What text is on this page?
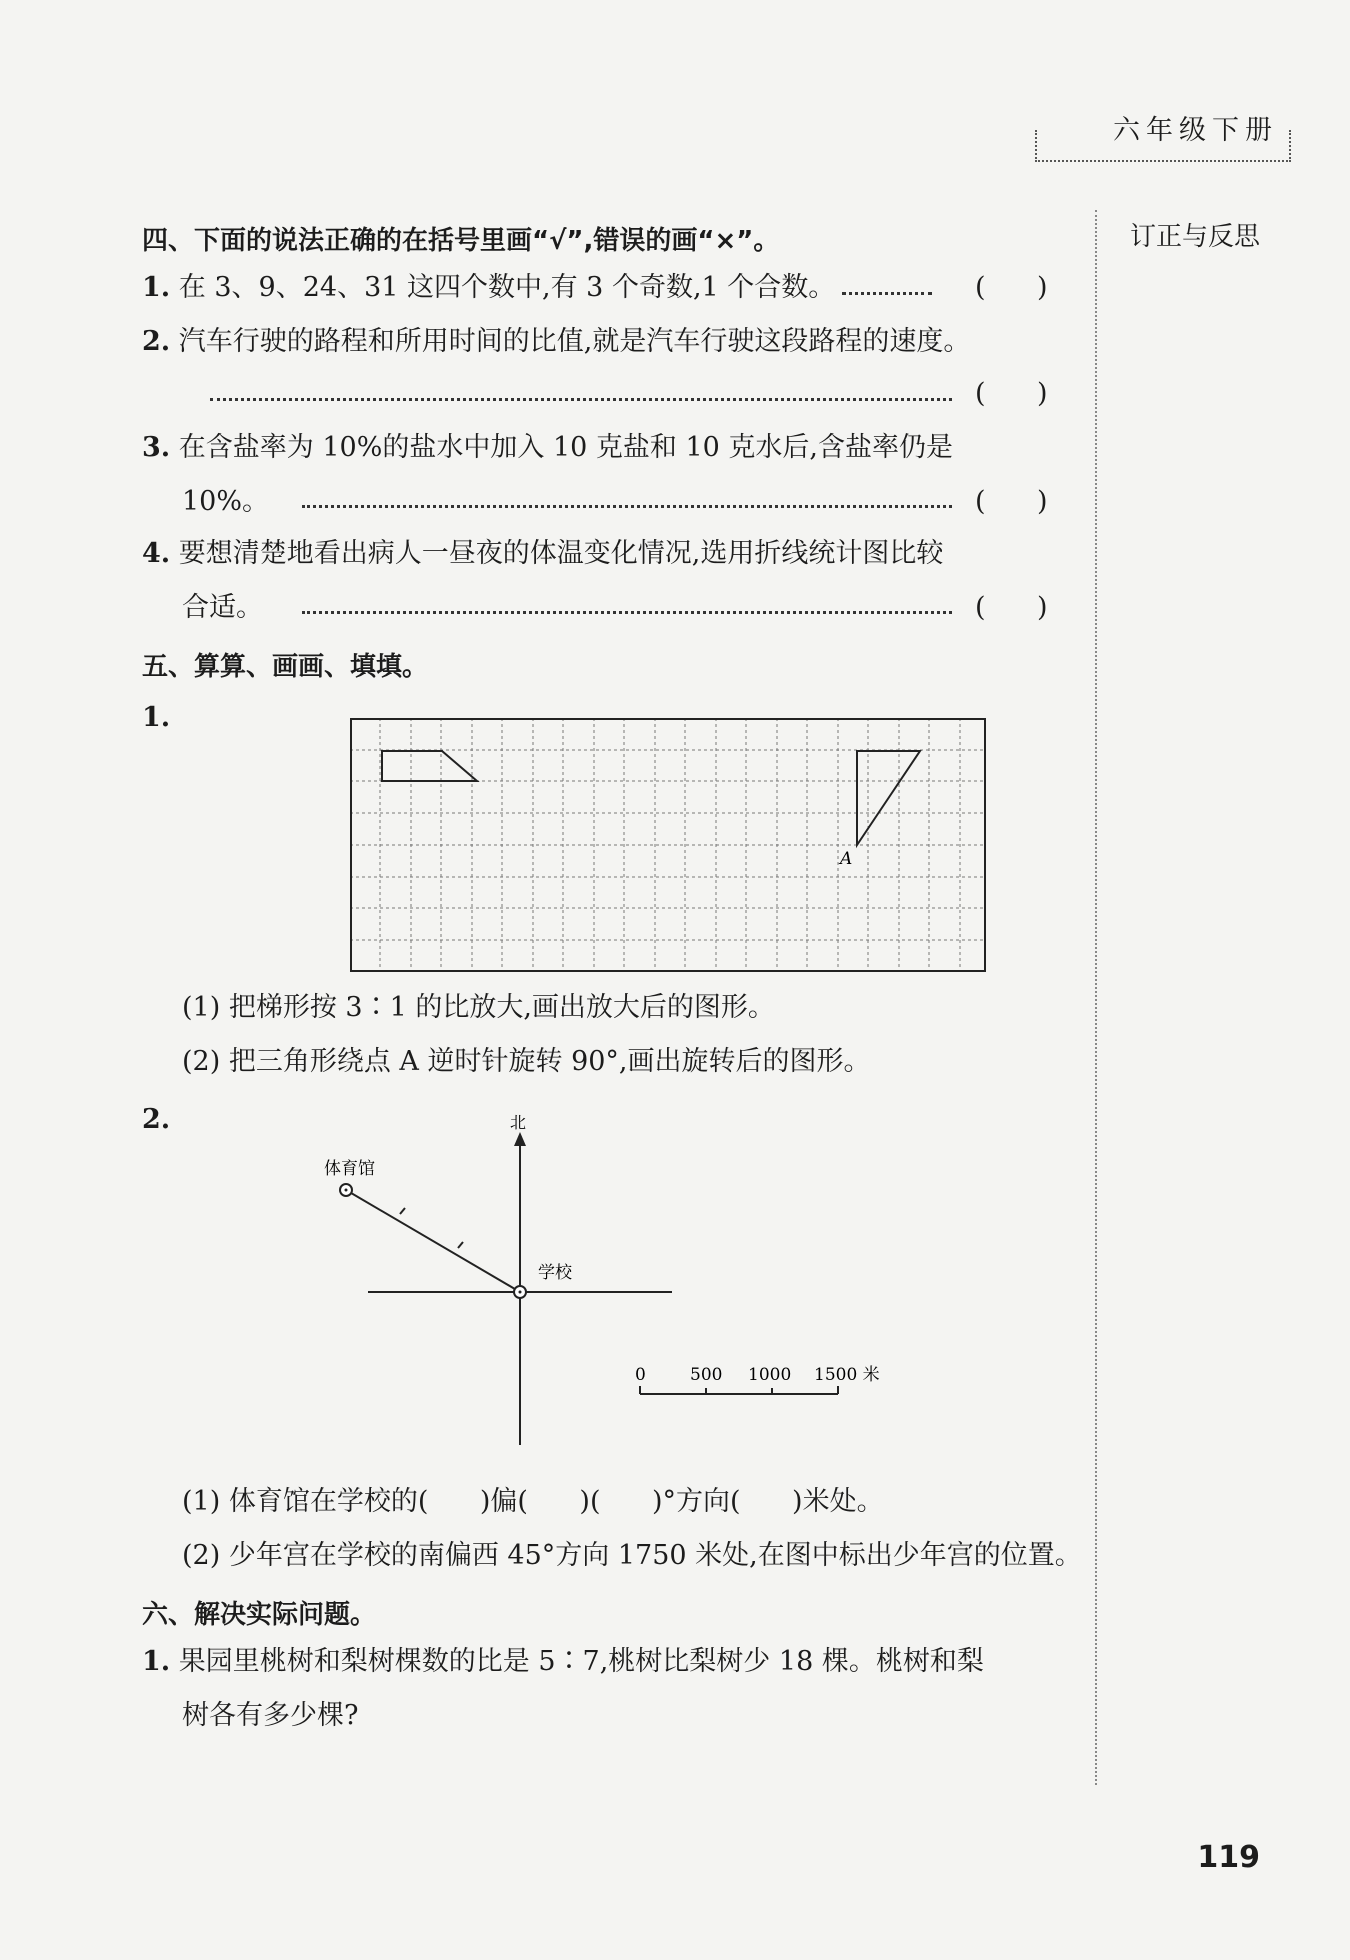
六年级下册
订正与反思
四、下面的说法正确的在括号里画“√”,错误的画“×”。
1. 在 3、9、24、31 这四个数中,有 3 个奇数,1 个合数。	(      )
2. 汽车行驶的路程和所用时间的比值,就是汽车行驶这段路程的速度。
(      )
3. 在含盐率为 10%的盐水中加入 10 克盐和 10 克水后,含盐率仍是
10%。	(      )
4. 要想清楚地看出病人一昼夜的体温变化情况,选用折线统计图比较
合适。	(      )
五、算算、画画、填填。
1.
A
(1) 把梯形按 3∶1 的比放大,画出放大后的图形。
(2) 把三角形绕点 A 逆时针旋转 90°,画出旋转后的图形。
2.	北
体育馆
学校
0	500 1000 1500 米
(1) 体育馆在学校的(      )偏(      )(      )°方向(      )米处。
(2) 少年宫在学校的南偏西 45°方向 1750 米处,在图中标出少年宫的位置。
六、解决实际问题。
1. 果园里桃树和梨树棵数的比是 5∶7,桃树比梨树少 18 棵。桃树和梨
树各有多少棵?
119
